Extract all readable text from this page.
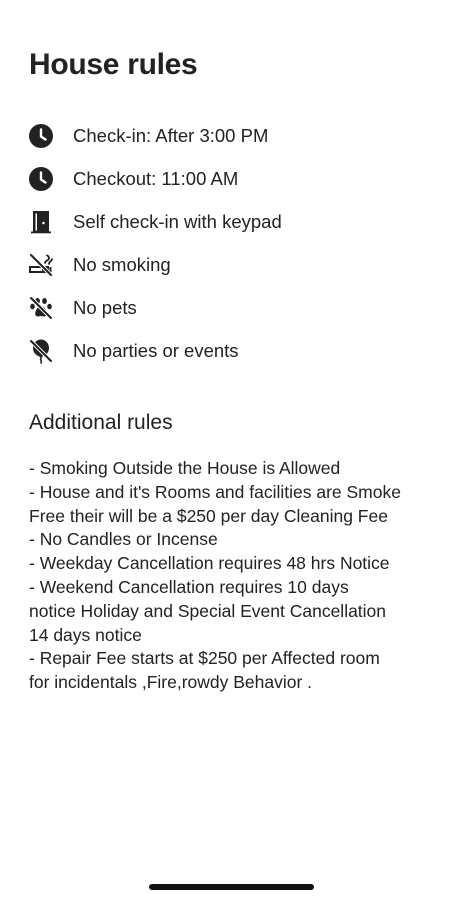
House rules
Check-in: After 3:00 PM
Checkout: 11:00 AM
Self check-in with keypad
No smoking
No pets
No parties or events
Additional rules
- Smoking Outside the House is Allowed
- House and it's Rooms and facilities are Smoke
Free their will be a $250 per day Cleaning Fee
- No Candles or Incense
- Weekday Cancellation requires 48 hrs Notice
- Weekend Cancellation requires 10 days
notice Holiday and Special Event Cancellation
14 days notice
- Repair Fee starts at $250 per Affected room
for incidentals ,Fire,rowdy Behavior .
